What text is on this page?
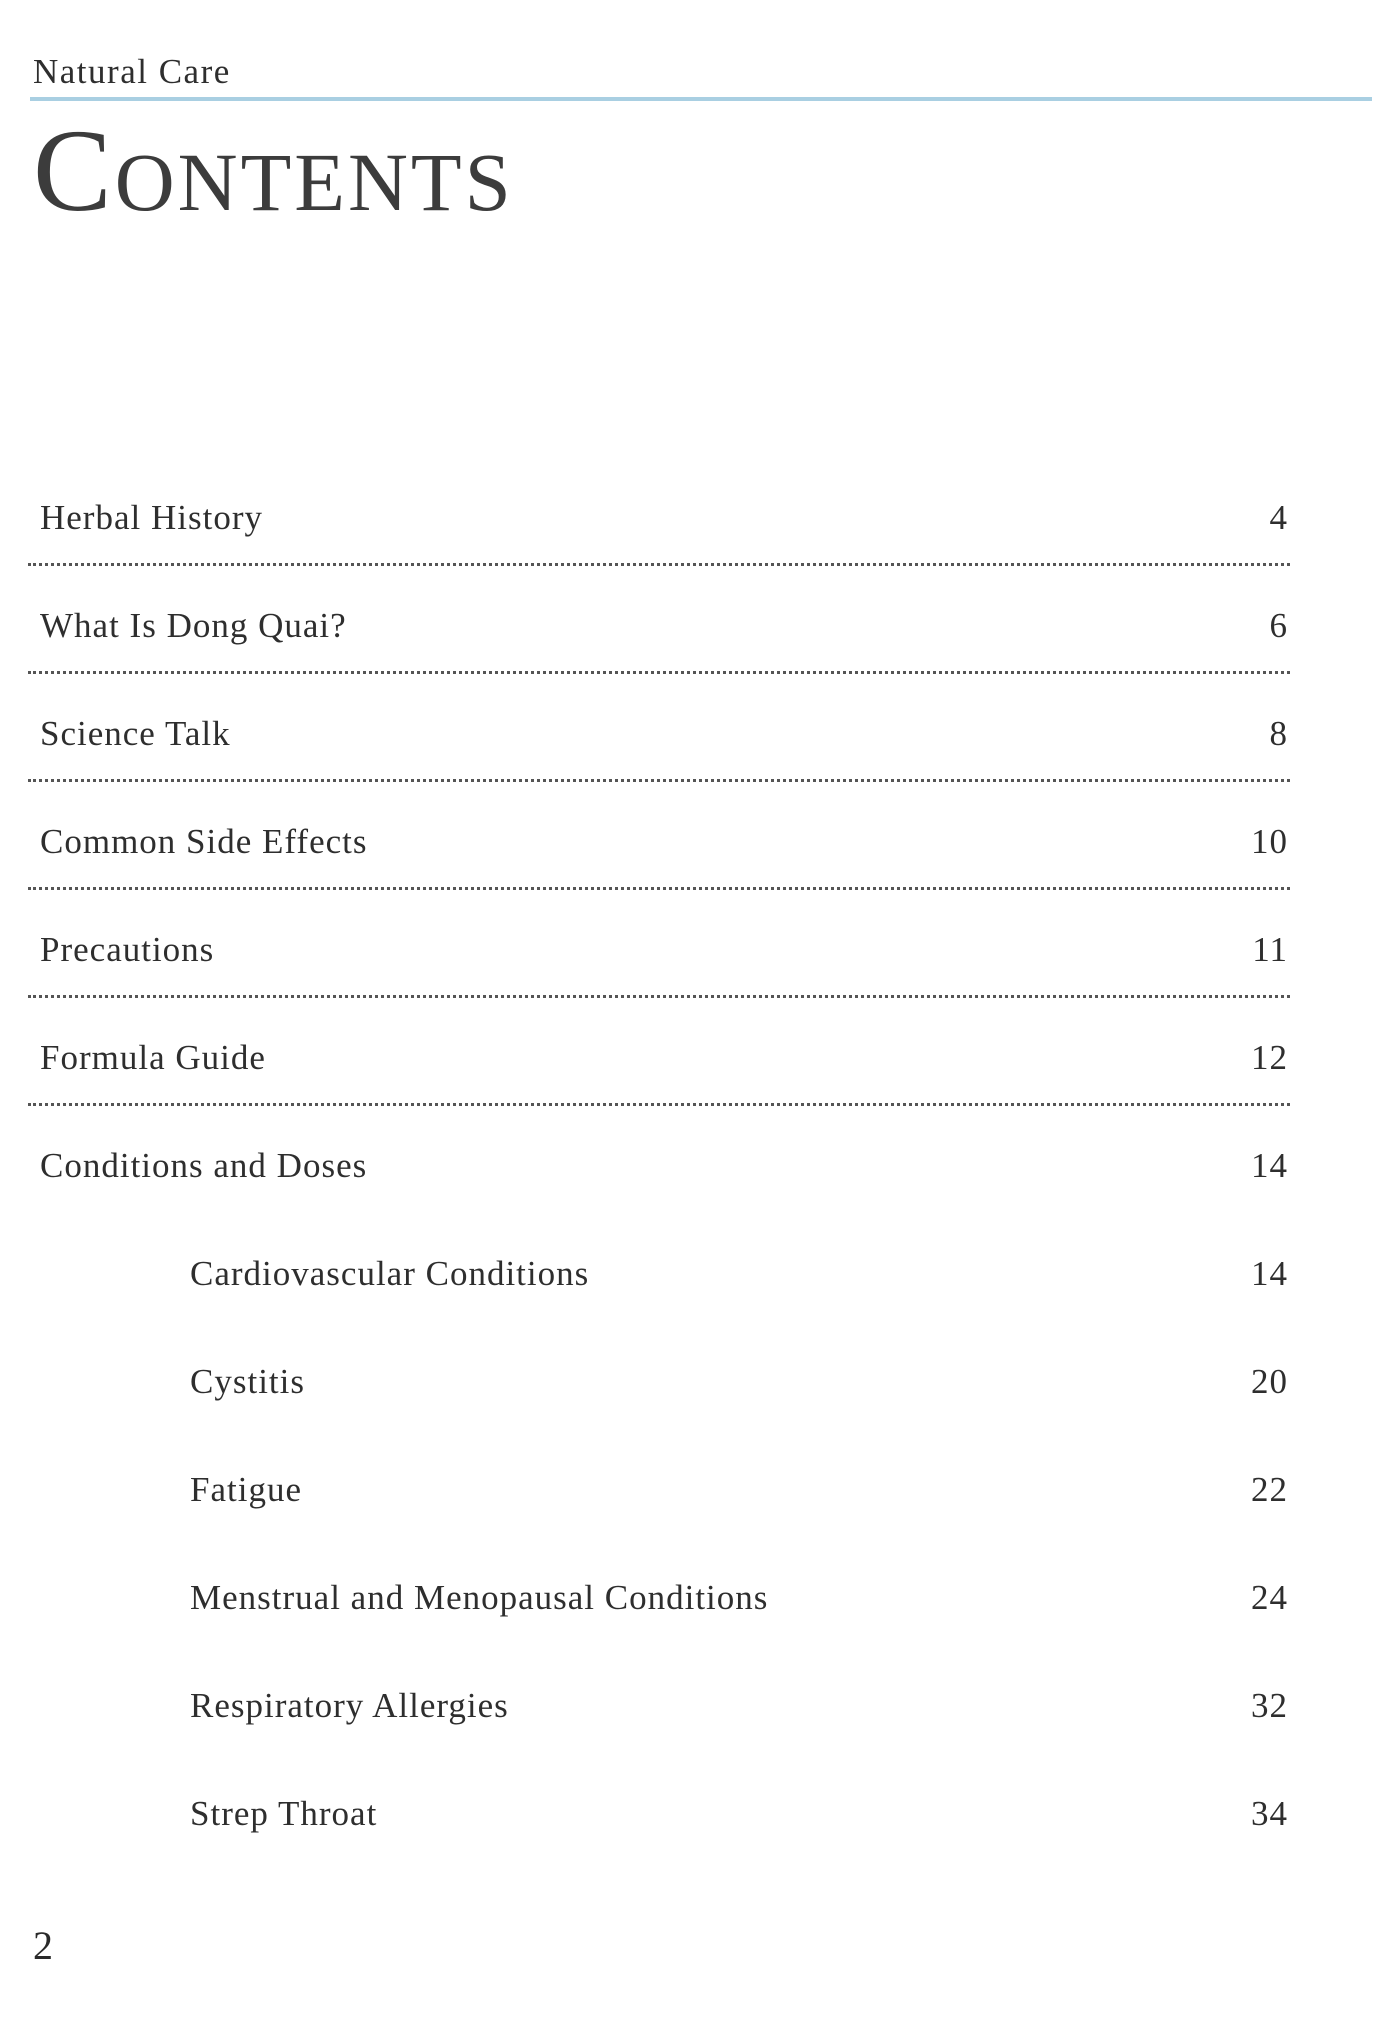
Natural Care
Contents
Herbal History	4
What Is Dong Quai?	6
Science Talk	8
Common Side Effects	10
Precautions	11
Formula Guide	12
Conditions and Doses	14
Cardiovascular Conditions	14
Cystitis	20
Fatigue	22
Menstrual and Menopausal Conditions	24
Respiratory Allergies	32
Strep Throat	34
2
